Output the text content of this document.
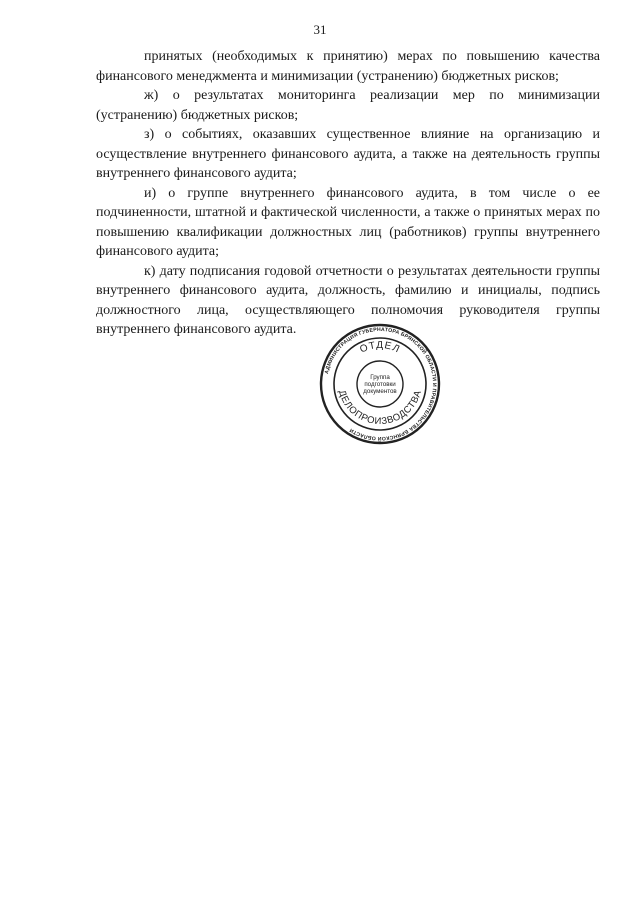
31

принятых (необходимых к принятию) мерах по повышению качества финансового менеджмента и минимизации (устранению) бюджетных рисков;

ж) о результатах мониторинга реализации мер по минимизации (устранению) бюджетных рисков;

з) о событиях, оказавших существенное влияние на организацию и осуществление внутреннего финансового аудита, а также на деятельность группы внутреннего финансового аудита;

и) о группе внутреннего финансового аудита, в том числе о ее подчиненности, штатной и фактической численности, а также о принятых мерах по повышению квалификации должностных лиц (работников) группы внутреннего финансового аудита;

к) дату подписания годовой отчетности о результатах деятельности группы внутреннего финансового аудита, должность, фамилию и инициалы, подпись должностного лица, осуществляющего полномочия руководителя группы внутреннего финансового аудита.

АДМИНИСТРАЦИЯ ГУБЕРНАТОРА БРЯНСКОЙ ОБЛАСТИ И ПРАВИТЕЛЬСТВА БРЯНСКОЙ ОБЛАСТИ
ОТДЕЛ
ДЕЛОПРОИЗВОДСТВА
Группа
подготовки
документов
